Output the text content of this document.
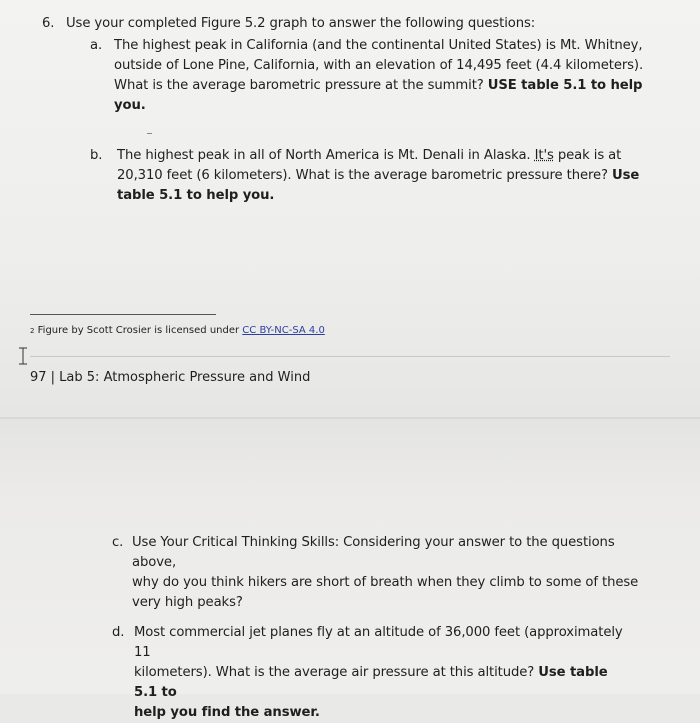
6. Use your completed Figure 5.2 graph to answer the following questions:
a. The highest peak in California (and the continental United States) is Mt. Whitney,
outside of Lone Pine, California, with an elevation of 14,495 feet (4.4 kilometers).
What is the average barometric pressure at the summit? USE table 5.1 to help
you.
b. The highest peak in all of North America is Mt. Denali in Alaska. It's peak is at
20,310 feet (6 kilometers). What is the average barometric pressure there? Use
table 5.1 to help you.
$^2$ Figure by Scott Crosier is licensed under CC BY-NC-SA 4.0
97 | Lab 5: Atmospheric Pressure and Wind
c. Use Your Critical Thinking Skills: Considering your answer to the questions above,
why do you think hikers are short of breath when they climb to some of these
very high peaks?
d. Most commercial jet planes fly at an altitude of 36,000 feet (approximately 11
kilometers). What is the average air pressure at this altitude? Use table 5.1 to
help you find the answer.
